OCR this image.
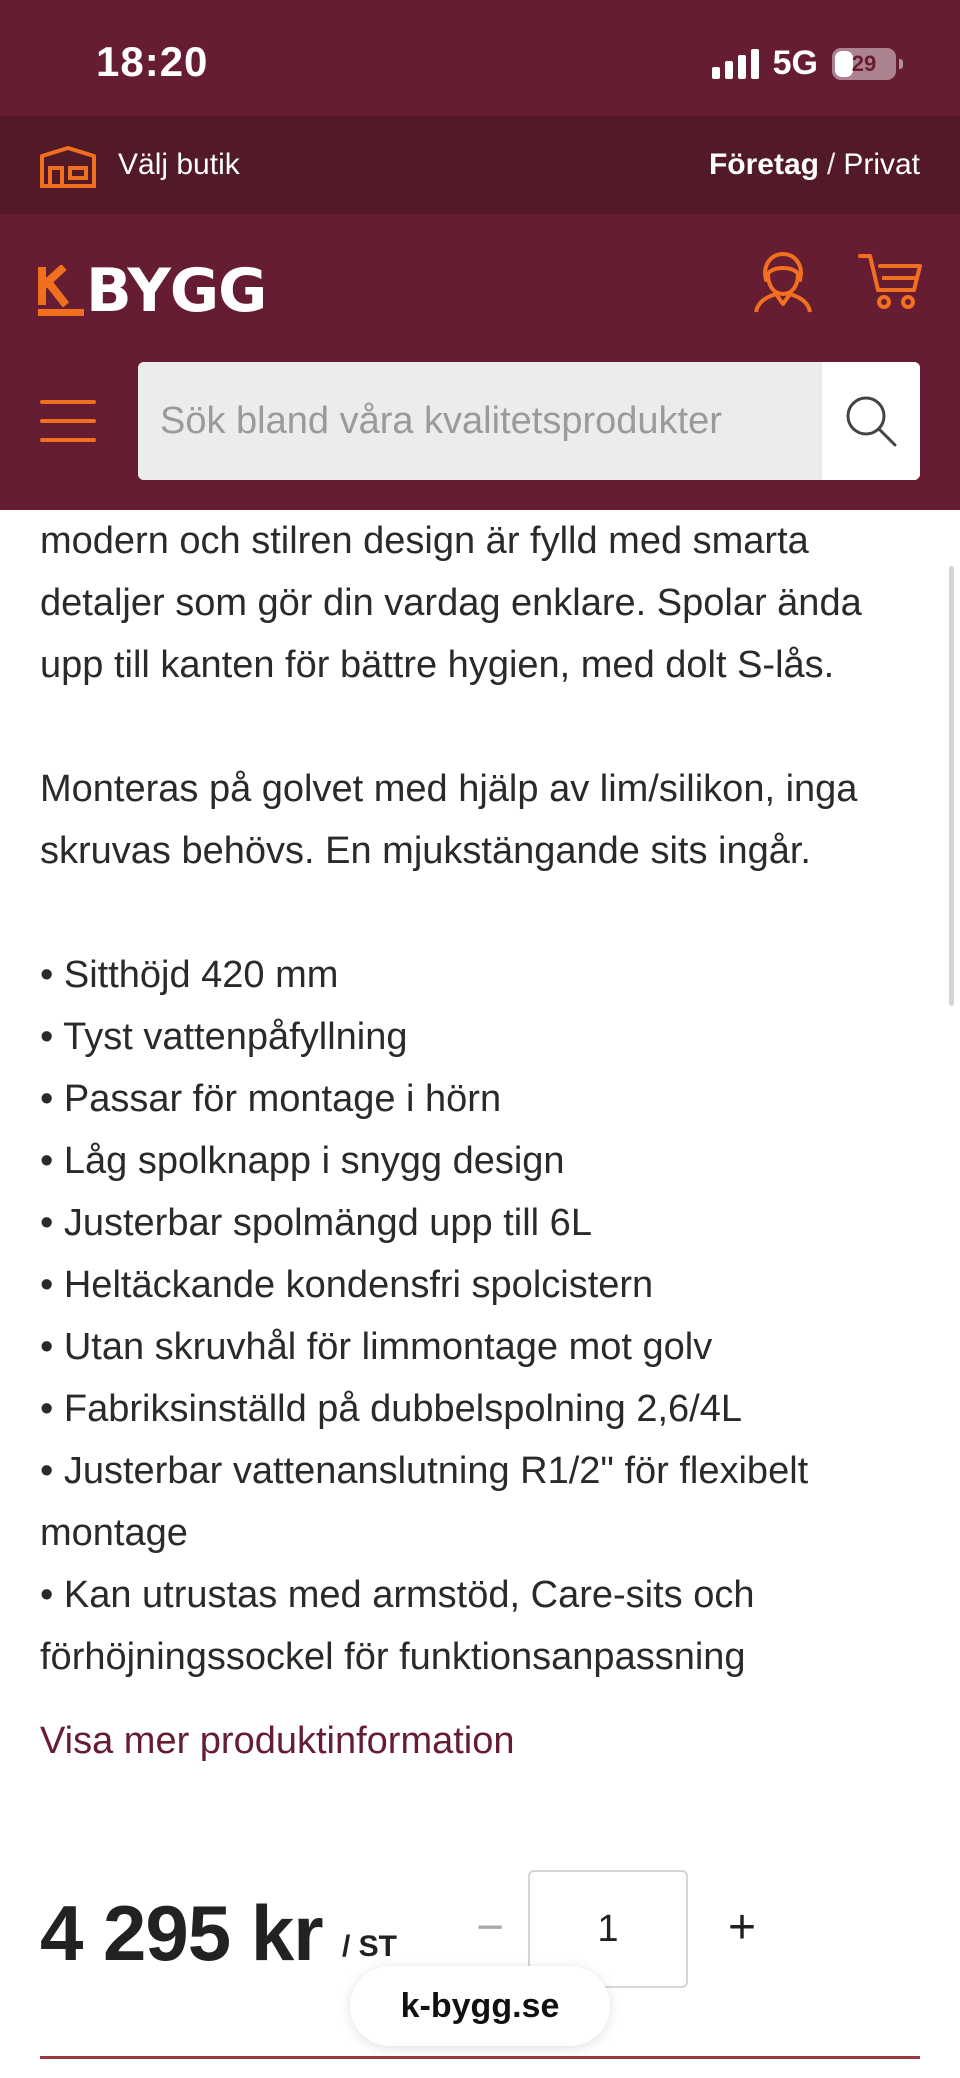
18:20	5G 29
Välj butik	Företag / Privat
BYGG
Sök bland våra kvalitetsprodukter

modern och stilren design är fylld med smarta detaljer som gör din vardag enklare. Spolar ända upp till kanten för bättre hygien, med dolt S-lås.

Monteras på golvet med hjälp av lim/silikon, inga skruvas behövs. En mjukstängande sits ingår.

• Sitthöjd 420 mm
• Tyst vattenpåfyllning
• Passar för montage i hörn
• Låg spolknapp i snygg design
• Justerbar spolmängd upp till 6L
• Heltäckande kondensfri spolcistern
• Utan skruvhål för limmontage mot golv
• Fabriksinställd på dubbelspolning 2,6/4L
• Justerbar vattenanslutning R1/2" för flexibelt montage
• Kan utrustas med armstöd, Care-sits och förhöjningssockel för funktionsanpassning
Visa mer produktinformation
4 295 kr / ST	−	1	+
k-bygg.se
